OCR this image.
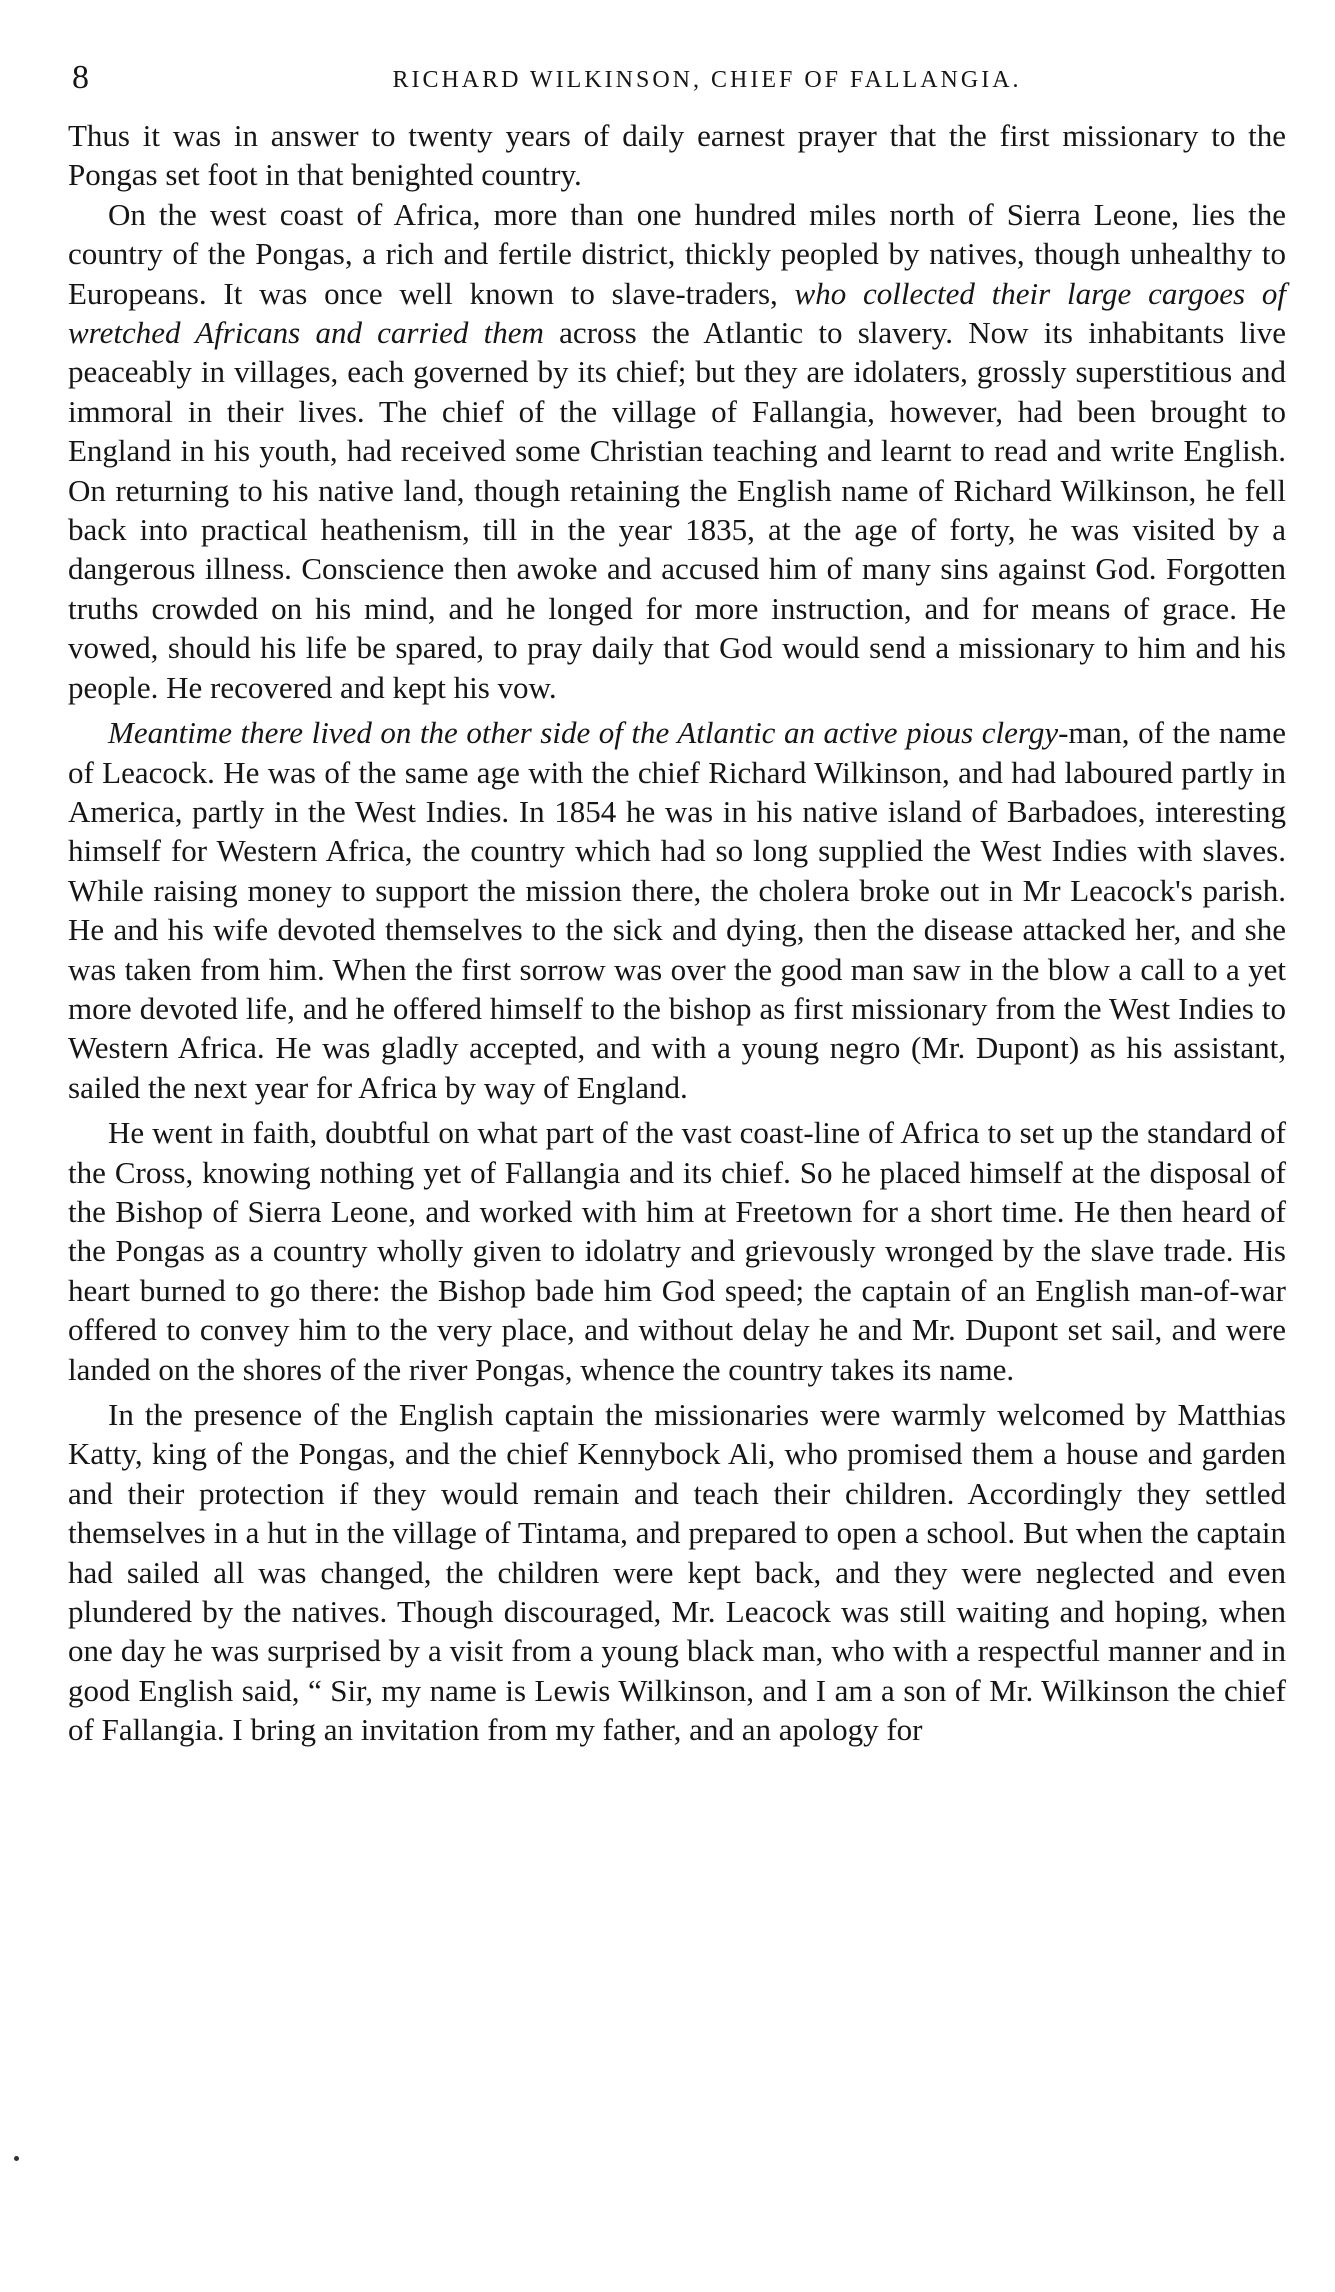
8	RICHARD WILKINSON, CHIEF OF FALLANGIA.

Thus it was in answer to twenty years of daily earnest prayer that the first missionary to the Pongas set foot in that benighted country.

On the west coast of Africa, more than one hundred miles north of Sierra Leone, lies the country of the Pongas, a rich and fertile district, thickly peopled by natives, though unhealthy to Europeans. It was once well known to slave-traders, who collected their large cargoes of wretched Africans and carried them across the Atlantic to slavery. Now its inhabitants live peaceably in villages, each governed by its chief; but they are idolaters, grossly superstitious and immoral in their lives. The chief of the village of Fallangia, however, had been brought to England in his youth, had received some Christian teaching and learnt to read and write English. On returning to his native land, though retaining the English name of Richard Wilkinson, he fell back into practical heathenism, till in the year 1835, at the age of forty, he was visited by a dangerous illness. Conscience then awoke and accused him of many sins against God. Forgotten truths crowded on his mind, and he longed for more instruction, and for means of grace. He vowed, should his life be spared, to pray daily that God would send a missionary to him and his people. He recovered and kept his vow.

Meantime there lived on the other side of the Atlantic an active pious clergy-man, of the name of Leacock. He was of the same age with the chief Richard Wilkinson, and had laboured partly in America, partly in the West Indies. In 1854 he was in his native island of Barbadoes, interesting himself for Western Africa, the country which had so long supplied the West Indies with slaves. While raising money to support the mission there, the cholera broke out in Mr Leacock's parish. He and his wife devoted themselves to the sick and dying, then the disease attacked her, and she was taken from him. When the first sorrow was over the good man saw in the blow a call to a yet more devoted life, and he offered himself to the bishop as first missionary from the West Indies to Western Africa. He was gladly accepted, and with a young negro (Mr. Dupont) as his assistant, sailed the next year for Africa by way of England.

He went in faith, doubtful on what part of the vast coast-line of Africa to set up the standard of the Cross, knowing nothing yet of Fallangia and its chief. So he placed himself at the disposal of the Bishop of Sierra Leone, and worked with him at Freetown for a short time. He then heard of the Pongas as a country wholly given to idolatry and grievously wronged by the slave trade. His heart burned to go there: the Bishop bade him God speed; the captain of an English man-of-war offered to convey him to the very place, and without delay he and Mr. Dupont set sail, and were landed on the shores of the river Pongas, whence the country takes its name.

In the presence of the English captain the missionaries were warmly welcomed by Matthias Katty, king of the Pongas, and the chief Kennybock Ali, who promised them a house and garden and their protection if they would remain and teach their children. Accordingly they settled themselves in a hut in the village of Tintama, and prepared to open a school. But when the captain had sailed all was changed, the children were kept back, and they were neglected and even plundered by the natives. Though discouraged, Mr. Leacock was still waiting and hoping, when one day he was surprised by a visit from a young black man, who with a respectful manner and in good English said, “ Sir, my name is Lewis Wilkinson, and I am a son of Mr. Wilkinson the chief of Fallangia. I bring an invitation from my father, and an apology for
